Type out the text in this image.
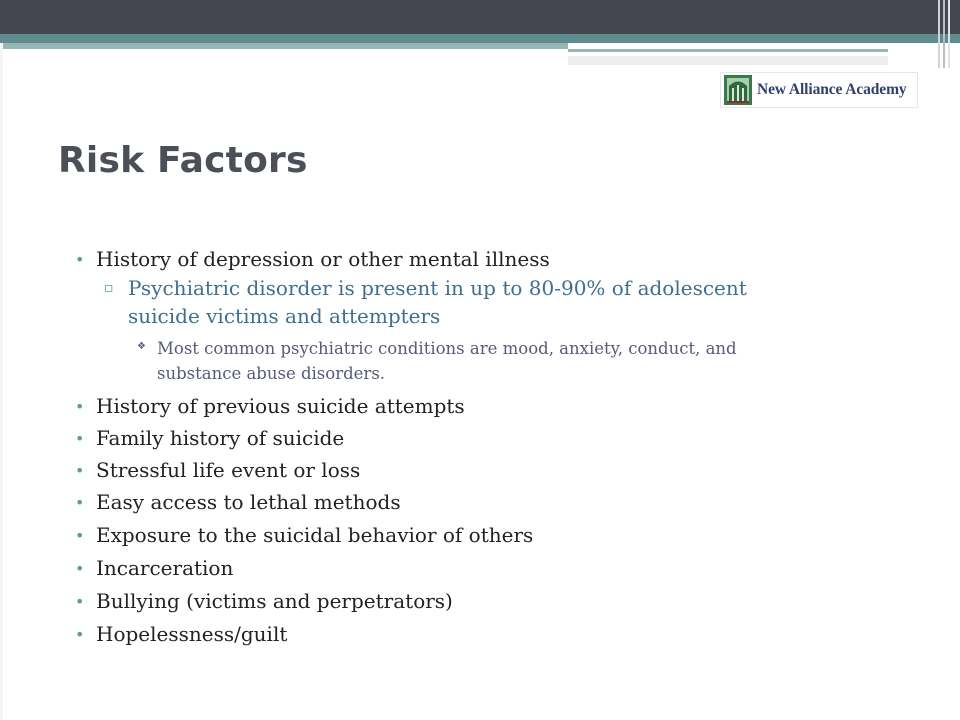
New Alliance Academy
Risk Factors
• History of depression or other mental illness
▫ Psychiatric disorder is present in up to 80-90% of adolescent
suicide victims and attempters
❖ Most common psychiatric conditions are mood, anxiety, conduct, and
substance abuse disorders.
• History of previous suicide attempts
• Family history of suicide
• Stressful life event or loss
• Easy access to lethal methods
• Exposure to the suicidal behavior of others
• Incarceration
• Bullying (victims and perpetrators)
• Hopelessness/guilt
